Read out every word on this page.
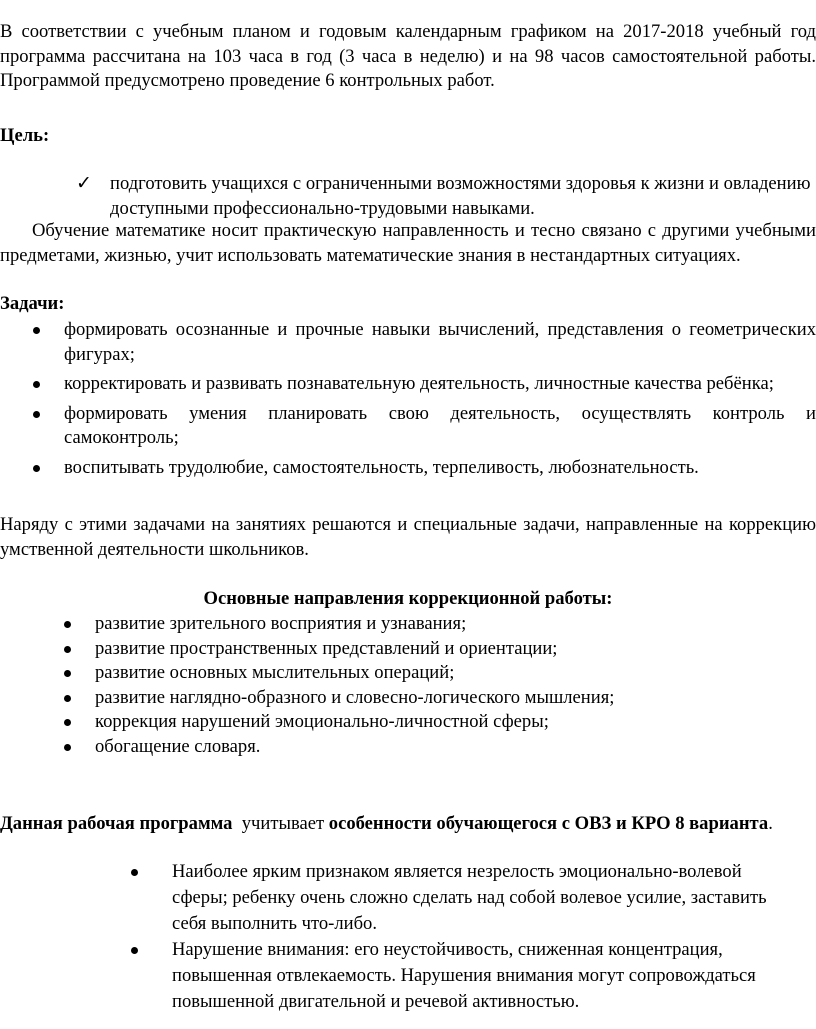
В соответствии с учебным планом и годовым календарным графиком на 2017-2018 учебный год программа рассчитана на 103 часа в год (3 часа в неделю) и на 98 часов самостоятельной работы. Программой предусмотрено проведение 6 контрольных работ.

Цель:

✓ подготовить учащихся с ограниченными возможностями здоровья к жизни и овладению доступными профессионально-трудовыми навыками.

Обучение математике носит практическую направленность и тесно связано с другими учебными предметами, жизнью, учит использовать математические знания в нестандартных ситуациях.

Задачи:

формировать осознанные и прочные навыки вычислений, представления о геометрических фигурах;
корректировать и развивать познавательную деятельность, личностные качества ребёнка;
формировать умения планировать свою деятельность, осуществлять контроль и самоконтроль;
воспитывать трудолюбие, самостоятельность, терпеливость, любознательность.

Наряду с этими задачами на занятиях решаются и специальные задачи, направленные на коррекцию умственной деятельности школьников.

Основные направления коррекционной работы:

развитие зрительного восприятия и узнавания;
развитие пространственных представлений и ориентации;
развитие основных мыслительных операций;
развитие наглядно-образного и словесно-логического мышления;
коррекция нарушений эмоционально-личностной сферы;
обогащение словаря.

Данная рабочая программа  учитывает особенности обучающегося с ОВЗ и КРО 8 варианта.

Наиболее ярким признаком является незрелость эмоционально-волевой сферы; ребенку очень сложно сделать над собой волевое усилие, заставить себя выполнить что-либо.
Нарушение внимания: его неустойчивость, сниженная концентрация, повышенная отвлекаемость. Нарушения внимания могут сопровождаться повышенной двигательной и речевой активностью.
